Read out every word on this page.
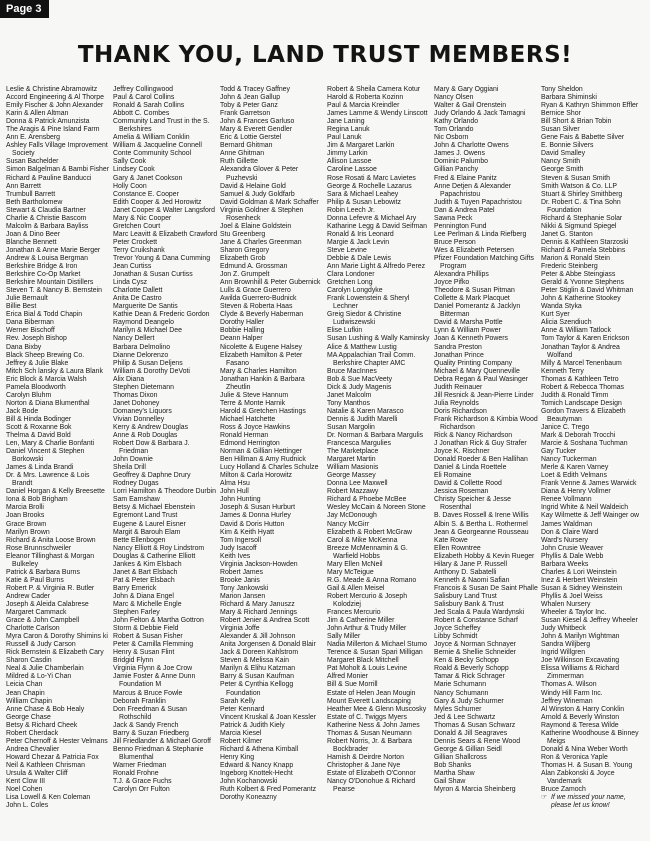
Page 3
THANK YOU, LAND TRUST MEMBERS!
Leslie & Christine Abramowitz
Accord Engineering & Al Thorpe
Emily Fischer & John Alexander
Karin & Allen Altman
Donna & Patrick Amunzista
The Aragis & Pine Island Farm
Ann E. Arensberg
Ashley Falls Village Improvement Society
Susan Bachelder
Simon Balgelman & Bambi Fisher
Richard & Pauline Banducci
Ann Barrett
Trumbull Barrett
Beth Bartholomew
Stewart & Claudia Bartner
Charlie & Christie Bascom
Malcolm & Barbara Bayliss
Joan & Dino Beer
Blanche Bennett
Jonathan & Anne Marie Berger
Andrew & Louisa Bergman
Berkshire Bridge & Iron
Berkshire Co-Op Market
Berkshire Mountain Distillers
Steven T. & Nancy B. Bernstein
Julie Bernault
Billie Best
Erica Bial & Todd Chapin
Dana Biberman
Werner Bischoff
Rev. Joseph Bishop
Dana Bixby
Black Sheep Brewing Co.
Jeffrey & Julie Blake
Mitch Sch lansky & Laura Blank
Eric Block & Marcia Walsh
Pamela Bloodworth
Carolyn Bluhm
Norton & Diana Blumenthal
Jack Bode
Bill & Hinda Bodinger
Scott & Roxanne Bok
Thelma & David Bold
Len, Mary & Charlie Bonfanti
Daniel Vincent & Stephen Borkowski
James & Linda Brandi
Dr. & Mrs. Lawrence & Lois Brandt
Daniel Horgan & Kelly Breesette
Iona & Bob Brigham
Marcia Brolli
Joan Brooks
Grace Brown
Marilyn Brown
Richard & Anita Loose Brown
Rose Brunnschweiler
Eleanor Tillinghast & Morgan Bulkeley
Patrick & Barbara Burns
Katie & Paul Burns
Robert P. & Virginia R. Butler
Andrew Cader
Joseph & Aleida Calabrese
Margaret Cammack
Grace & John Campbell
Charlotte Carlson
Myra Caron & Dorothy Shimins ki
Russell & Judy Carson
Rick Bernstein & Elizabeth Cary
Sharon Casdin
Neal & Julie Chamberlain
Mildred & Lo-Yi Chan
Leicia Chan
Jean Chapin
William Chapin
Anne Chase & Bob Healy
George Chase
Betsy & Richard Cheek
Robert Cherdack
Peter Chernoff & Hester Velmans
Andrea Chevalier
Howard Chezar & Patricia Fox
Neil & Kathleen Chrisman
Ursula & Walter Cliff
Kent Clow III
Noel Cohen
Lisa Lowell & Ken Coleman
John L. Coles
Jeffrey Collingwood
Paul & Carol Collins
Ronald & Sarah Collins
Abbott C. Combes
Community Land Trust in the S. Berkshires
Amelia & William Conklin
William & Jacqueline Connell
Conte Community School
Sally Cook
Lindsey Cook
Gary & Janet Cookson
Holly Coon
Constance E. Cooper
Edith Cooper & Jed Horowitz
Janet Cooper & Walter Langsford
Mary & Nic Cooper
Gretchen Court
Marc Leavitt & Elizabeth Crawford
Peter Crockett
Terry Cruikshank
Trevor Young & Dana Cumming
Jean Curtiss
Jonathan & Susan Curtiss
Linda Cysz
Charlotte Dallett
Anita De Castro
Marguerite De Santis
Kathie Dean & Frederic Gordon
Raymond Deangelo
Marilyn & Michael Dee
Nancy Dellert
Barbara Delmolino
Dianne Delorenzo
Philip & Susan Deljens
William & Dorothy DeVoti
Alix Diana
Stephen Dietemann
Thomas Dixon
Janet Dohoney
Domaney's Liquors
Vivian Donnelley
Kerry & Andrew Douglas
Anne & Rob Douglas
Robert Dow & Barbara J. Friedman
John Downie
Sheila Drill
Geoffrey & Daphne Drury
Rodney Dugas
Lorri Hamilton & Theodore Durbin
Sam Earnshaw
Betsy & Michael Ebenstein
Egremont Land Trust
Eugene & Laurel Eisner
Margit & Barouh Elam
Bette Ellenbogen
Nancy Elliott & Roy Lindstrom
Douglas & Catherine Elliott
Jankes & Kim Elsbach
Janet & Bart Elsbach
Pat & Peter Elsbach
Barry Emerick
John & Diana Engel
Marc & Michelle Engle
Stephen Farley
John Felton & Martha Gottron
Storm & Debbie Field
Robert & Susan Fisher
Peter & Camilla Flemming
Henry & Susan Flint
Bridgid Flynn
Virginia Flynn & Joe Crow
Jamie Foster & Anne Dunn Foundation M
Marcus & Bruce Fowle
Deborah Franklin
Don Freedman & Susan Rothschild
Jack & Sandy French
Barry & Suzan Friedberg
Jill Friedlander & Michael Goroff
Benno Friedman & Stephanie Blumenthal
Warner Friedman
Ronald Frohne
T.J. & Grace Fuchs
Carolyn Orr Fulton
Todd & Tracey Gaffney
John & Jean Gallup
Toby & Peter Ganz
Frank Garretson
John & Frances Garluso
Mary & Everett Gendler
Eric & Lottie Gerstel
Bernard Ghitman
Anne Ghitman
Ruth Gillette
Alexandra Glover & Peter Puzhevski
David & Helaine Gold
Samuel & Judy Goldfarb
David Goldman & Mark Schaffer
Virginia Goldner & Stephen Rosenheck
Joel & Elaine Goldstein
Stu Greenberg
Jane & Charles Greenman
Sharon Gregory
Elizabeth Grob
Edmund A. Grossman
Jon Z. Grumpelt
Ann Brownhill & Peter Gubernick
Lulls & Grace Guerrero
Awilda Guerrero-Budnick
Steven & Roberta Haas
Clyde & Beverly Haberman
Dorothy Haller
Bobbie Halling
Deann Halper
Nicolette & Eugene Halsey
Elizabeth Hamilton & Peter Fasano
Mary & Charles Hamilton
Jonathan Hankin & Barbara Zheutlin
Julie & Steve Hannum
Terre & Monte Harnik
Harold & Gretchen Hastings
Michael Hatchette
Ross & Joyce Hawkins
Ronald Herman
Edmond Herrington
Norman & Gillian Hettinger
Ben Hillman & Amy Rudnick
Lucy Holland & Charles Schulze
Milton & Carla Horowitz
Alma Hsu
John Hull
John Hunting
Joseph & Susan Hurburt
James & Donna Hurley
David & Doris Hutton
Kim & Keith Hyatt
Tom Ingersoll
Judy Isacoff
Keith Ives
Virginia Jackson-Howden
Robert James
Brooke Janis
Tony Jankowski
Marion Jansen
Richard & Mary Januszz
Mary & Richard Jennings
Robert Jenier & Andrea Scott
Virginia Joffe
Alexander & Jill Johnson
Anita Jorgensen & Donald Blair
Jack & Doreen Kahlstrom
Steven & Melissa Kain
Marilyn & Elihu Katzman
Barry & Susan Kaufman
Peter & Cynthia Kellogg Foundation
Sarah Kelly
Peter Kennard
Vincent Kruskal & Joan Kessler
Patrick & Judith Kiely
Marcia Kiesel
Robert Kilmer
Richard & Athena Kimball
Henry King
Edward & Nancy Knapp
Ingeborg Knottek-Hecht
John Kochanowski
Ruth Kolbert & Fred Pomerantz
Dorothy Koneazny
Robert & Sheila Camera Kotur
Harold & Roberta Kozinn
Paul & Marcia Kreindler
James Lamme & Wendy Linscott
Jane Laning
Regina Lanuk
Paul Lanuk
Jim & Margaret Larkin
Jimmy Larkin
Allison Lassoe
Caroline Lassoe
Rose Rosati & Marc Lavietes
George & Rochelle Lazarus
Sara & Michael Leahey
Philip & Susan Lebowitz
Robin Leech Jr.
Donna Lefevre & Michael Ary
Katharine Legg & David Seifman
Ronald & Iris Leonard
Margie & Jack Levin
Steve Levine
Debbie & Dale Lewis
Ann Marie Light & Alfredo Perez
Clara Londoner
Gretchen Long
Carolyn Longdyke
Frank Lowenstein & Sheryl Lechner
Greig Siedor & Christine Ludwiszewski
Elise Lufkin
Susan Lushing & Wally Kaminsky
Alice & Matthew Lustig
MA Appalachian Trail Comm. Berkshire Chapter AMC
Bruce MacInnes
Bob & Sue MacVeety
Dick & Judy Magenis
Janet Malcolm
Tony Manthos
Natalie & Karen Marasco
Dennis & Judith Marelli
Susan Margolin
Dr. Norman & Barbara Margulis
Francesca Margulies
The Marketplace
Margaret Martin
William Masionis
George Massey
Donna Lee Maxwell
Robert Mazzawy
Richard & Phoebe McBee
Wesley McCain & Noreen Stone
Jay McDonough
Nancy McGirr
Elizabeth & Robert McGraw
Carol & Mike McKenna
Breeze McMennamin & G. Warfield Hobbs
Mary Ellen McNeil
Mary McTeigue
R.G. Meade & Anna Romano
Gail & Allen Meisel
Robert Mercurio & Joseph Kolodziej
Frances Mercurio
Jim & Catherine Miller
John Arthur & Trudy Miller
Sally Miller
Nadia Millerton & Michael Stumo
Terence & Susan Spari Milligan
Margaret Black Mitchell
Pat Moholt & Louis Levine
Alfred Monier
Bill & Sue Morrill
Estate of Helen Jean Mougin
Mount Everett Landscaping
Heather Mee & Glenn Muscosky
Estate of C. Twiggs Myers
Katherine Ness & John James
Thomas & Susan Neumann
Robert Norris, Jr. & Barbara Bockbrader
Hamish & Deirdre Norton
Christopher & Jane Nye
Estate of Elizabeth O'Connor
Nancy O'Donohue & Richard Pearse
Mary & Gary Oggiani
Nancy Olsen
Walter & Gail Orenstein
Judy Orlando & Jack Tamagni
Kathy Orlando
Tom Orlando
Nic Osborn
John & Charlotte Owens
James J. Owens
Dominic Palumbo
Gillian Panchy
Fred & Elaine Panitz
Anne Detjen & Alexander Papachristou
Judith & Tuyen Papachristou
Dan & Andrea Patel
Sawna Peck
Pennington Fund
Lee Perlman & Linda Riefberg
Bruce Person
Wes & Elizabeth Petersen
Pfizer Foundation Matching Gifts Program
Alexandra Phillips
Joyce Pifko
Theodore & Susan Pitman
Collette & Mark Placquet
Daniel Pomerantz & Jacklyn Bitterman
David & Marsha Pottle
Lynn & William Power
Joan & Kenneth Powers
Sandra Preston
Jonathan Prince
Quality Printing Company
Michael & Mary Quenneville
Debra Regan & Paul Wasinger
Judith Reinauer
Jill Resnick & Jean-Pierre Linder
Julia Reynolds
Doris Richardson
Frank Richardson & Kimbia Wood Richardson
Rick & Nancy Richardson
J Jonathan Rick & Guy Strafer
Joyce K. Rischner
Donald Roeder & Ben Hallihan
Daniel & Linda Roettele
Eli Romaine
David & Collette Rood
Jessica Roseman
Christy Speicher & Jesse Rosenthal
B. Daves Rossell & Irene Willis
Albin S. & Bertha L. Rothermel
Jean & Georgeanne Rousseau
Kate Rowe
Ellen Rowntree
Elizabeth Hobby & Kevin Rueger
Hilary & Jane P. Russell
Anthony D. Sabatelli
Kenneth & Naomi Safian
Francois & Susan De Saint Phalle
Salisbury Land Trust
Salisbury Bank & Trust
Jed Scala & Paula Wardynski
Robert & Constance Scharf
Joyce Scheffey
Libby Schmidt
Joyce & Norman Schnayer
Bernie & Shellie Schneider
Ken & Becky Schopp
Roald & Beverly Schopp
Tamar & Rick Schrager
Marie Schumann
Nancy Schumann
Gary & Judy Schurmer
Myles Schumer
Jed & Lee Schwartz
Thomas & Susan Schwarz
Donald & Jill Seagraves
Dennis Sears & Rene Wood
George & Gillian Seidl
Gillian Shallcross
Bob Shanks
Martha Shaw
Gail Shaw
Myron & Marcia Sheinberg
Tony Sheldon
Barbara Shiminski
Ryan & Kathryn Shimmon Effler
Bernice Shor
Bill Short & Brian Tobin
Susan Silver
Gene Fais & Babette Silver
E. Bonnie Silvers
David Smalley
Nancy Smith
George Smith
Steven & Susan Smith
Smith Watson & Co. LLP
Stuart & Shirley Smithberg
Dr. Robert C. & Tina Sohn Foundation
Richard & Stephanie Solar
Nikki & Sigmund Spiegel
Janet G. Stanton
Dennis & Kathleen Starzoski
Richard & Pamela Stebbins
Marion & Ronald Stein
Frederic Steinberg
Peter & Abbe Steingiass
Gerald & Yvonne Stephens
Peter Stiglin & David Whitman
John & Katherine Stookey
Wanda Styka
Kurt Syer
Alicia Szendiuch
Anne & William Tatlock
Tom Taylor & Karen Erickson
Jonathan Taylor & Andrea Wolfand
Milly & Marcel Tenenbaum
Kenneth Terry
Thomas & Kathleen Tetro
Robert & Rebecca Thomas
Judith & Ronald Timm
Tomich Landscape Design
Gordon Travers & Elizabeth Beautyman
Janice C. Trego
Mark & Deborah Trocchi
Marcie & Soshana Tuchman
Gay Tucker
Nancy Tuckerman
Merle & Karen Varney
Loet & Edith Velmans
Frank Venne & James Warwick
Diana & Henry Vollmer
Renee Vollmann
Ingrid White & Neil Waldeich
Kay Wilmette & Jeff Wainger ow
James Waldman
Don & Claire Ward
Ward's Nursery
John Crusie Weaver
Phyllis & Dale Webb
Barbara Weeks
Charles & Lori Weinstein
Inez & Herbert Weinstein
Susan & Sidney Weinstein
Phyllis & Joel Weiss
Whalen Nursery
Wheeler & Taylor Inc.
Susan Kiesel & Jeffrey Wheeler
Judy Whitbeck
John & Marilyn Wightman
Sandra Wiljberg
Ingrid Willgren
Joe Wilkinson Excavating
Elissa Williams & Richard Zimmerman
Thomas A. Wilson
Windy Hill Farm Inc.
Jeffrey Wineman
Al Winston & Harry Conklin
Arnold & Beverly Winston
Raymond & Teresa Wilde
Katherine Woodhouse & Binney Meigs
Donald & Nina Weber Worth
Ron & Veronica Yaple
Thomas H. & Susan B. Young
Alan Zabkonski & Joyce Vandemark
Bruce Zamoch
☞ If we missed your name, please let us know!
